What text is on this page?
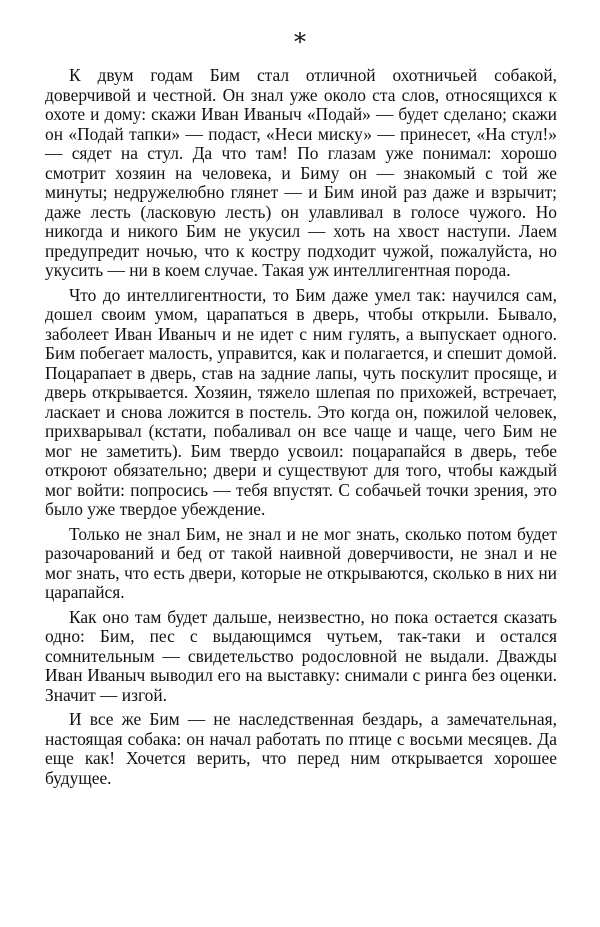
*

К двум годам Бим стал отличной охотничьей собакой, доверчивой и честной. Он знал уже около ста слов, относящихся к охоте и дому: скажи Иван Иваныч «Подай» — будет сделано; скажи он «Подай тапки» — подаст, «Неси миску» — принесет, «На стул!» — сядет на стул. Да что там! По глазам уже понимал: хорошо смотрит хозяин на человека, и Биму он — знакомый с той же минуты; недружелюбно глянет — и Бим иной раз даже и взрычит; даже лесть (ласковую лесть) он улавливал в голосе чужого. Но никогда и никого Бим не укусил — хоть на хвост наступи. Лаем предупредит ночью, что к костру подходит чужой, пожалуйста, но укусить — ни в коем случае. Такая уж интеллигентная порода.

Что до интеллигентности, то Бим даже умел так: научился сам, дошел своим умом, царапаться в дверь, чтобы открыли. Бывало, заболеет Иван Иваныч и не идет с ним гулять, а выпускает одного. Бим побегает малость, управится, как и полагается, и спешит домой. Поцарапает в дверь, став на задние лапы, чуть поскулит просяще, и дверь открывается. Хозяин, тяжело шлепая по прихожей, встречает, ласкает и снова ложится в постель. Это когда он, пожилой человек, прихварывал (кстати, побаливал он все чаще и чаще, чего Бим не мог не заметить). Бим твердо усвоил: поцарапайся в дверь, тебе откроют обязательно; двери и существуют для того, чтобы каждый мог войти: попросись — тебя впустят. С собачьей точки зрения, это было уже твердое убеждение.

Только не знал Бим, не знал и не мог знать, сколько потом будет разочарований и бед от такой наивной доверчивости, не знал и не мог знать, что есть двери, которые не открываются, сколько в них ни царапайся.

Как оно там будет дальше, неизвестно, но пока остается сказать одно: Бим, пес с выдающимся чутьем, так-таки и остался сомнительным — свидетельство родословной не выдали. Дважды Иван Иваныч выводил его на выставку: снимали с ринга без оценки. Значит — изгой.

И все же Бим — не наследственная бездарь, а замечательная, настоящая собака: он начал работать по птице с восьми месяцев. Да еще как! Хочется верить, что перед ним открывается хорошее будущее.
